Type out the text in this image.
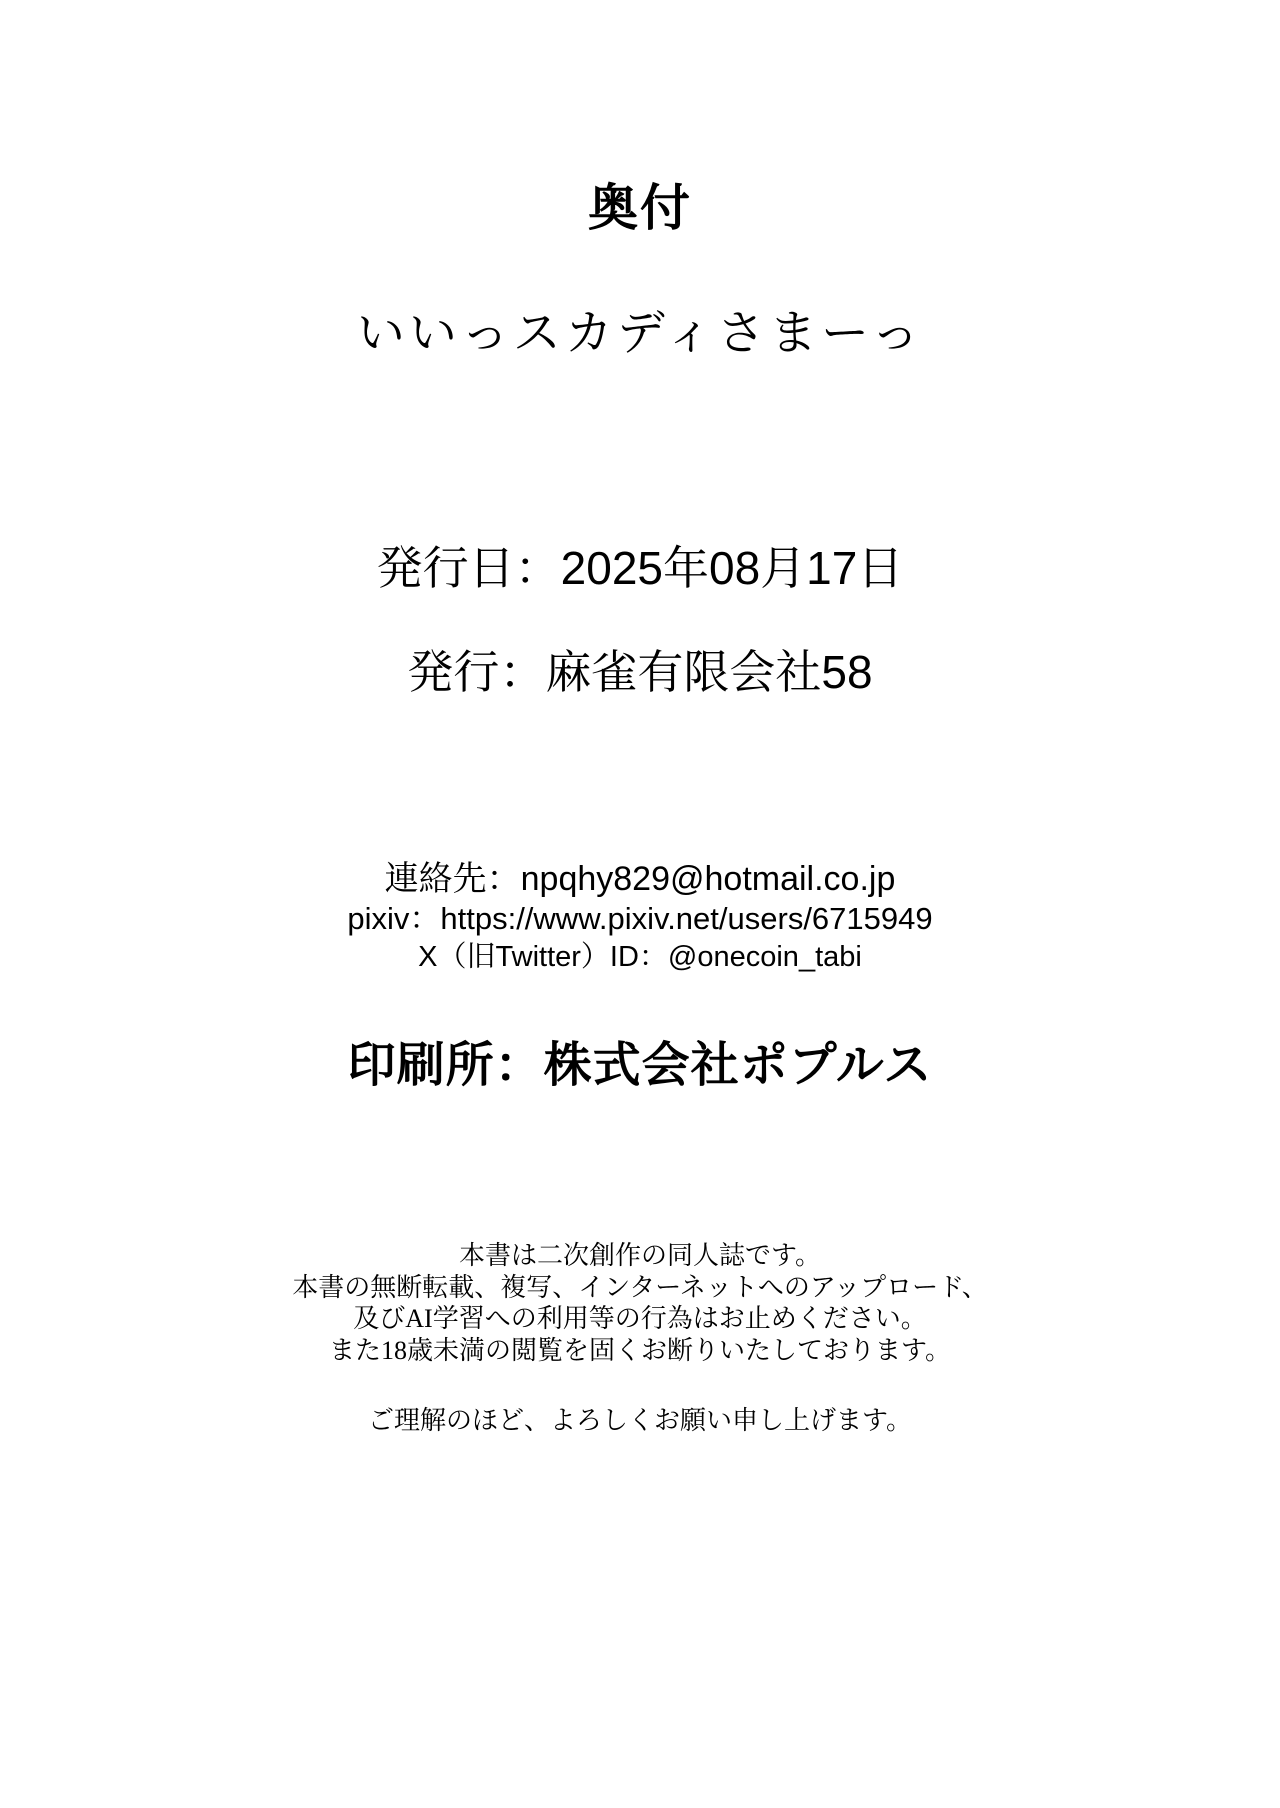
奥付
いいっスカディさまーっ
発行日：2025年08月17日
発行：麻雀有限会社58
連絡先：npqhy829@hotmail.co.jp
pixiv：https://www.pixiv.net/users/6715949
X（旧Twitter）ID：@onecoin_tabi
印刷所：株式会社ポプルス
本書は二次創作の同人誌です。
本書の無断転載、複写、インターネットへのアップロード、
及びAI学習への利用等の行為はお止めください。
また18歳未満の閲覧を固くお断りいたしております。
ご理解のほど、よろしくお願い申し上げます。
